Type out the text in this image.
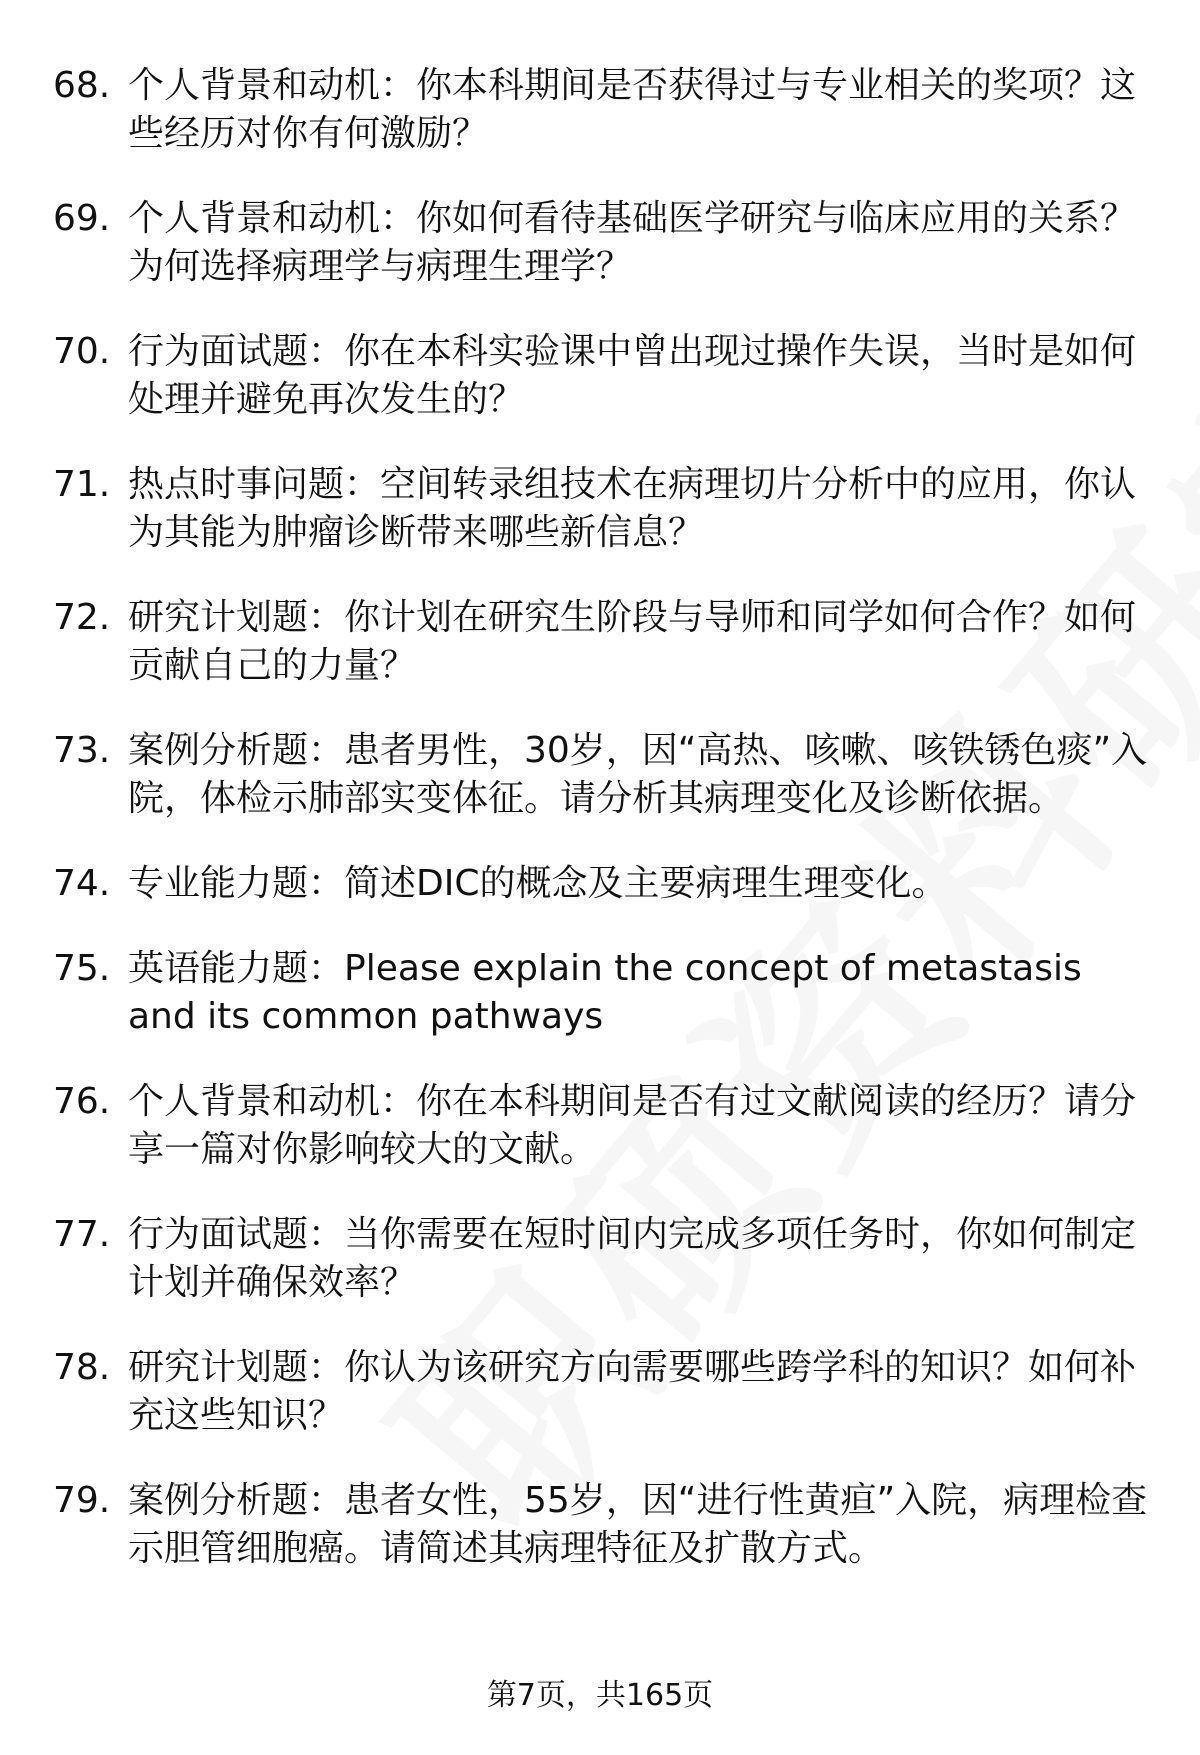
68. 个人背景和动机：你本科期间是否获得过与专业相关的奖项？这些经历对你有何激励？
69. 个人背景和动机：你如何看待基础医学研究与临床应用的关系？为何选择病理学与病理生理学？
70. 行为面试题：你在本科实验课中曾出现过操作失误，当时是如何处理并避免再次发生的？
71. 热点时事问题：空间转录组技术在病理切片分析中的应用，你认为其能为肿瘤诊断带来哪些新信息？
72. 研究计划题：你计划在研究生阶段与导师和同学如何合作？如何贡献自己的力量？
73. 案例分析题：患者男性，30岁，因“高热、咳嗽、咳铁锈色痰”入院，体检示肺部实变体征。请分析其病理变化及诊断依据。
74. 专业能力题：简述DIC的概念及主要病理生理变化。
75. 英语能力题：Please explain the concept of metastasis and its common pathways
76. 个人背景和动机：你在本科期间是否有过文献阅读的经历？请分享一篇对你影响较大的文献。
77. 行为面试题：当你需要在短时间内完成多项任务时，你如何制定计划并确保效率？
78. 研究计划题：你认为该研究方向需要哪些跨学科的知识？如何补充这些知识？
79. 案例分析题：患者女性，55岁，因“进行性黄疸”入院，病理检查示胆管细胞癌。请简述其病理特征及扩散方式。
第7页，共165页
